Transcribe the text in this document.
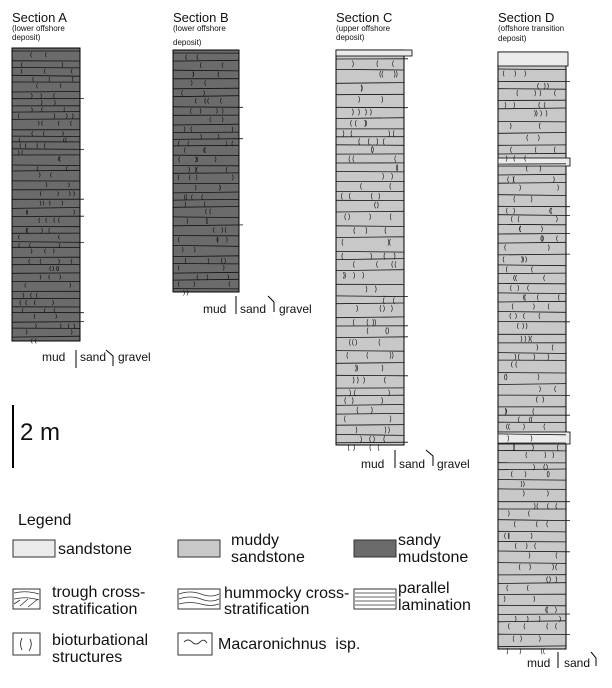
Section A
(lower offshore
deposit)
Section B
(lower offshore
deposit)
Section C
(upper offshore
deposit)
Section D
(offshore transition
deposit)
mud sand gravel
mud sand gravel
mud sand gravel
mud sand
2 m
Legend
sandstone
muddy
sandstone
sandy
mudstone
trough cross-
stratification
hummocky cross-
stratification
parallel
lamination
bioturbational
structures
Macaronichnus  isp.
